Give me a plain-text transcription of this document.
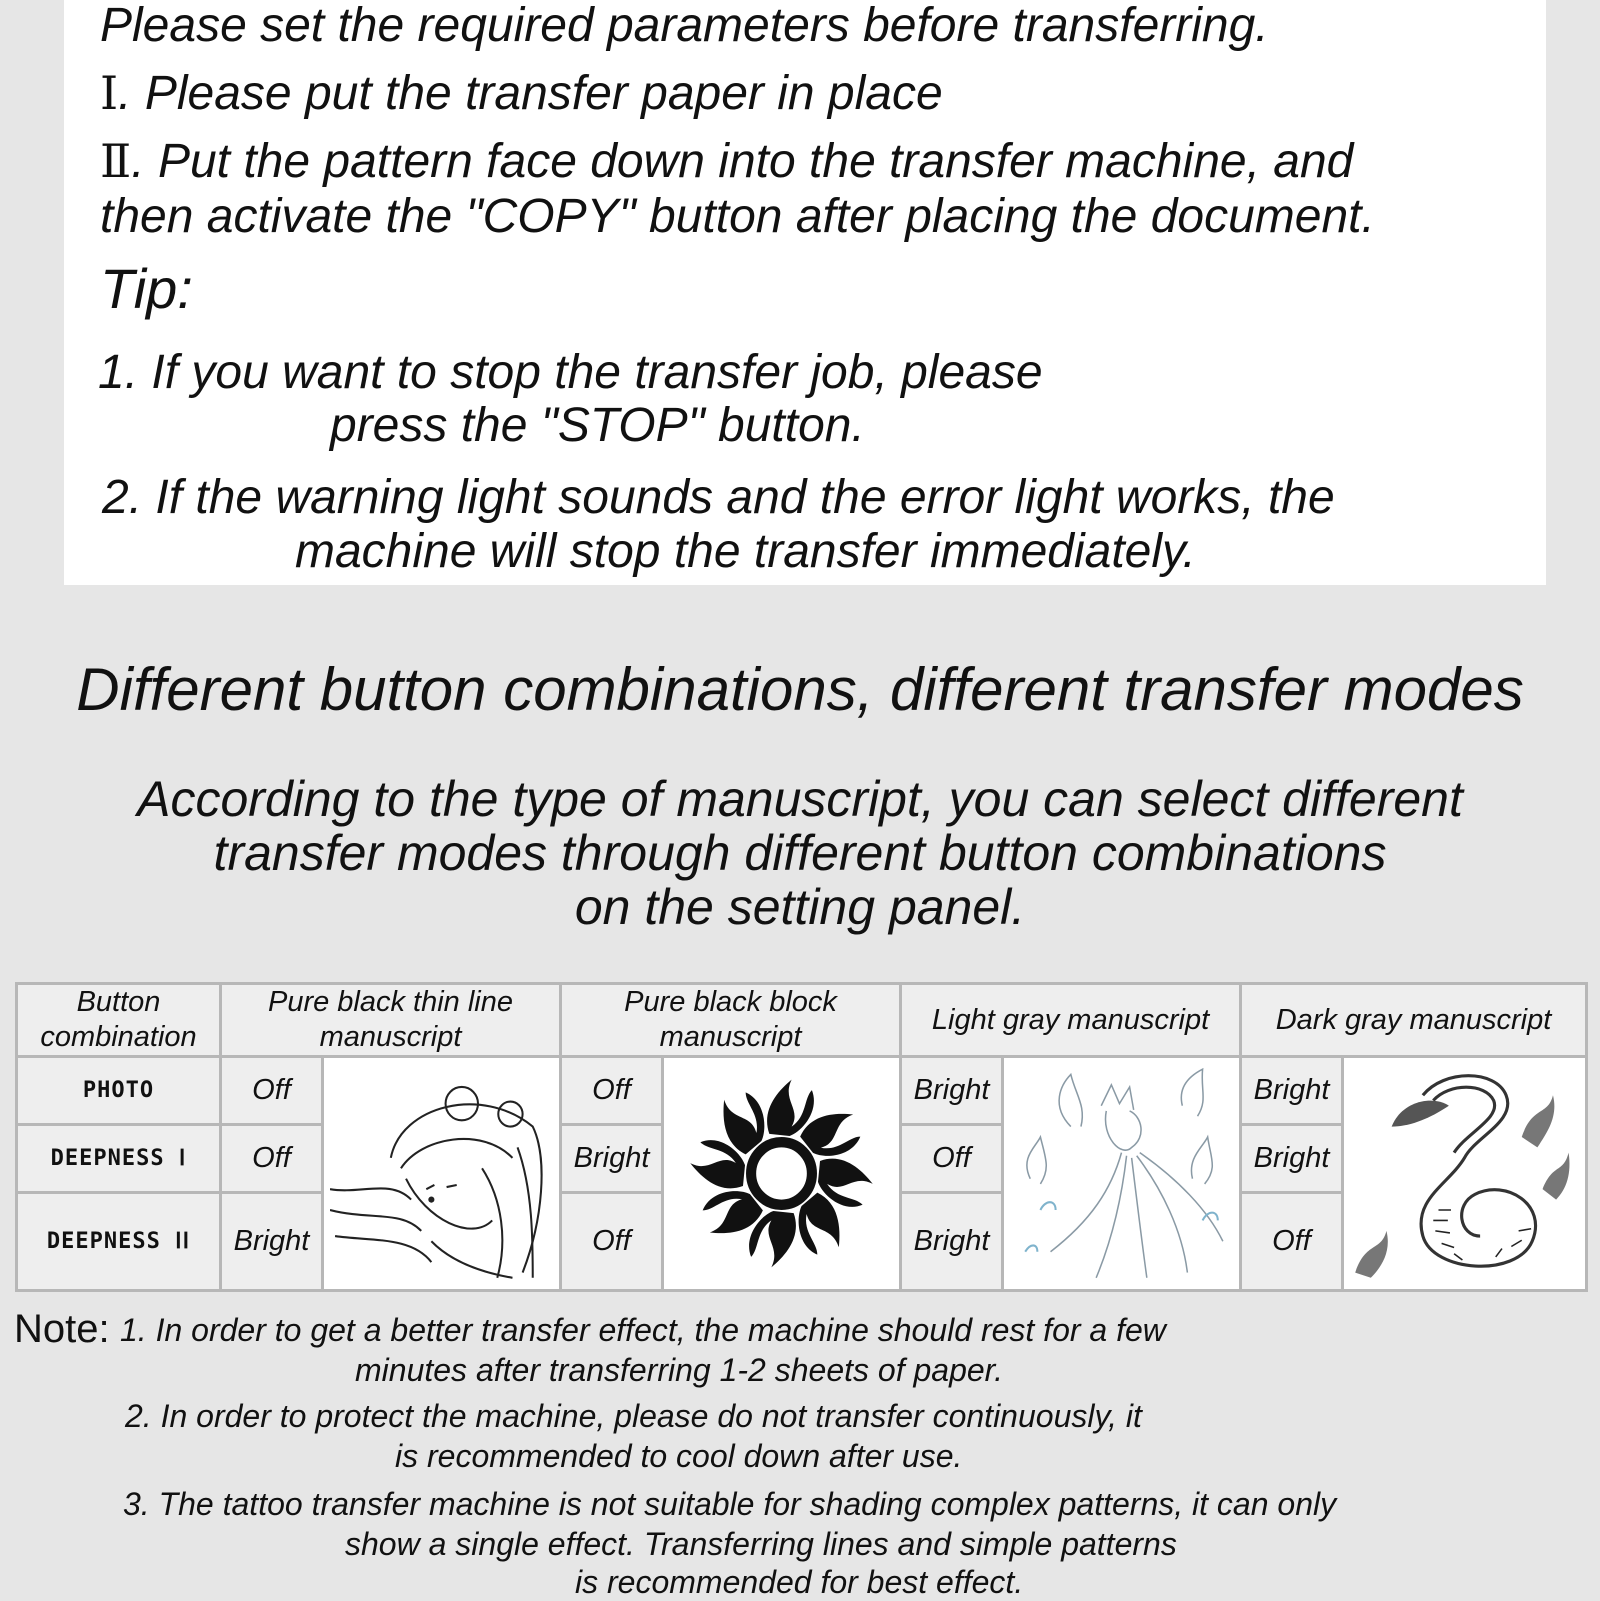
Please set the required parameters before transferring.
Ⅰ. Please put the transfer paper in place
Ⅱ. Put the pattern face down into the transfer machine, and
then activate the "COPY" button after placing the document.
Tip:
1. If you want to stop the transfer job, please
press the "STOP" button.
2. If the warning light sounds and the error light works, the
machine will stop the transfer immediately.
Different button combinations, different transfer modes
According to the type of manuscript, you can select different
transfer modes through different button combinations
on the setting panel.
Button combination	Pure black thin line manuscript		Pure black block manuscript		Light gray manuscript		Dark gray manuscript	
PHOTO	Off		Off		Bright		Bright	

DEEPNESS Ⅰ	Off		Bright		Off		Bright	
DEEPNESS ⅠⅠ	Bright		Off		Bright		Off	
Note: 1. In order to get a better transfer effect, the machine should rest for a few
minutes after transferring 1-2 sheets of paper.
2. In order to protect the machine, please do not transfer continuously, it
is recommended to cool down after use.
3. The tattoo transfer machine is not suitable for shading complex patterns, it can only
show a single effect. Transferring lines and simple patterns
is recommended for best effect.
